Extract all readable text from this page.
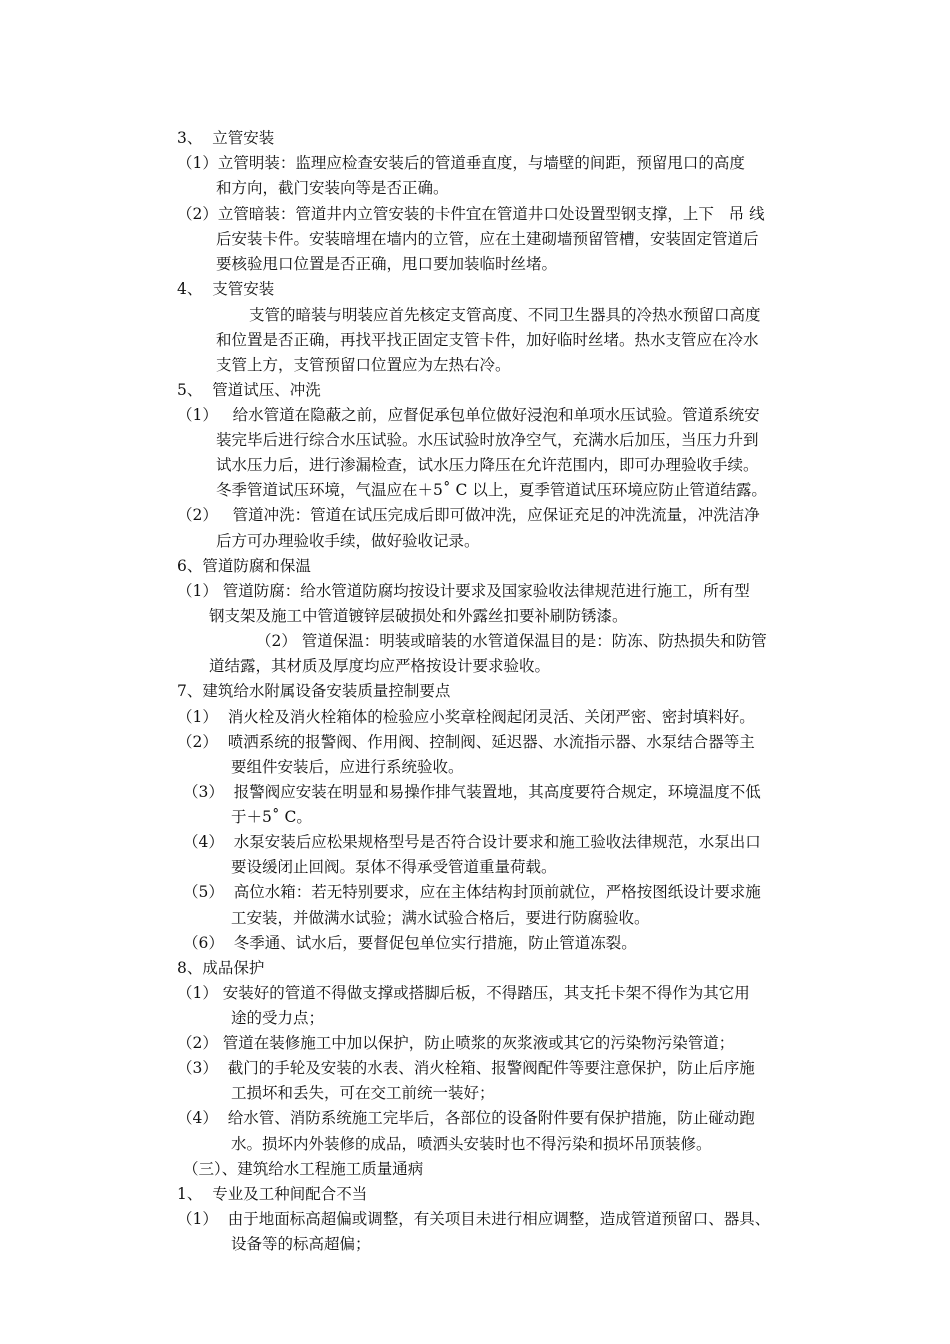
3、  立管安装
（1）立管明装：监理应检查安装后的管道垂直度，与墙壁的间距，预留甩口的高度
和方向，截门安装向等是否正确。
（2）立管暗装：管道井内立管安装的卡件宜在管道井口处设置型钢支撑，上下   吊 线
后安装卡件。安装暗埋在墙内的立管，应在土建砌墙预留管槽，安装固定管道后
要核验甩口位置是否正确，甩口要加装临时丝堵。
4、  支管安装
支管的暗装与明装应首先核定支管高度、不同卫生器具的冷热水预留口高度
和位置是否正确，再找平找正固定支管卡件，加好临时丝堵。热水支管应在冷水
支管上方，支管预留口位置应为左热右冷。
5、  管道试压、冲洗
（1）   给水管道在隐蔽之前，应督促承包单位做好浸泡和单项水压试验。管道系统安
装完毕后进行综合水压试验。水压试验时放净空气，充满水后加压，当压力升到
试水压力后，进行渗漏检查，试水压力降压在允许范围内，即可办理验收手续。
冬季管道试压环境，气温应在＋5˚ C 以上，夏季管道试压环境应防止管道结露。
（2）   管道冲洗：管道在试压完成后即可做冲洗，应保证充足的冲洗流量，冲洗洁净
后方可办理验收手续，做好验收记录。
6、管道防腐和保温
（1） 管道防腐：给水管道防腐均按设计要求及国家验收法律规范进行施工，所有型
钢支架及施工中管道镀锌层破损处和外露丝扣要补刷防锈漆。
（2） 管道保温：明装或暗装的水管道保温目的是：防冻、防热损失和防管
道结露，其材质及厚度均应严格按设计要求验收。
7、建筑给水附属设备安装质量控制要点
（1）  消火栓及消火栓箱体的检验应小奖章栓阀起闭灵活、关闭严密、密封填料好。
（2）  喷洒系统的报警阀、作用阀、控制阀、延迟器、水流指示器、水泵结合器等主
要组件安装后，应进行系统验收。
（3）  报警阀应安装在明显和易操作排气装置地，其高度要符合规定，环境温度不低
于＋5˚ C。
（4）  水泵安装后应松果规格型号是否符合设计要求和施工验收法律规范，水泵出口
要设缓闭止回阀。泵体不得承受管道重量荷载。
（5）  高位水箱：若无特别要求，应在主体结构封顶前就位，严格按图纸设计要求施
工安装，并做满水试验；满水试验合格后，要进行防腐验收。
（6）  冬季通、试水后，要督促包单位实行措施，防止管道冻裂。
8、成品保护
（1） 安装好的管道不得做支撑或搭脚后板，不得踏压，其支托卡架不得作为其它用
途的受力点；
（2） 管道在装修施工中加以保护，防止喷浆的灰浆液或其它的污染物污染管道；
（3）  截门的手轮及安装的水表、消火栓箱、报警阀配件等要注意保护，防止后序施
工损坏和丢失，可在交工前统一装好；
（4）  给水管、消防系统施工完毕后，各部位的设备附件要有保护措施，防止碰动跑
水。损坏内外装修的成品，喷洒头安装时也不得污染和损坏吊顶装修。
（三）、建筑给水工程施工质量通病
1、  专业及工种间配合不当
（1）  由于地面标高超偏或调整，有关项目未进行相应调整，造成管道预留口、器具、
设备等的标高超偏；
